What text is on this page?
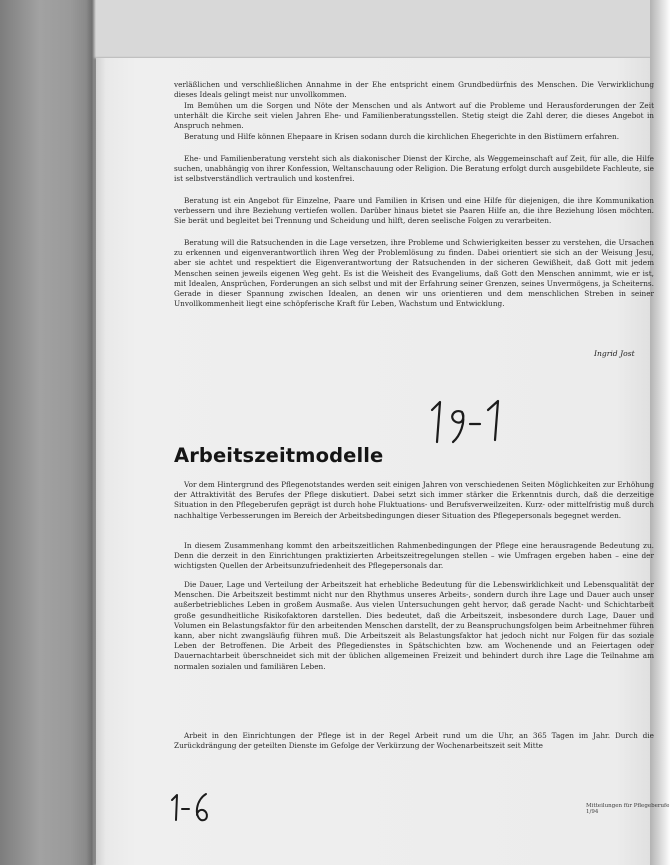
verläßlichen und verschließlichen Annahme in der Ehe entspricht einem Grundbedürfnis des Menschen. Die Verwirklichung dieses Ideals gelingt meist nur unvollkommen.

Im Bemühen um die Sorgen und Nöte der Menschen und als Antwort auf die Probleme und Herausforderungen der Zeit unterhält die Kirche seit vielen Jahren Ehe- und Familienberatungsstellen. Stetig steigt die Zahl derer, die dieses Angebot in Anspruch nehmen.

Beratung und Hilfe können Ehepaare in Krisen sodann durch die kirchlichen Ehegerichte in den Bistümern erfahren.

Ehe- und Familienberatung versteht sich als diakonischer Dienst der Kirche, als Weggemeinschaft auf Zeit, für alle, die Hilfe suchen, unabhängig von ihrer Konfession, Weltanschauung oder Religion. Die Beratung erfolgt durch ausgebildete Fachleute, sie ist selbstverständlich vertraulich und kostenfrei.

Beratung ist ein Angebot für Einzelne, Paare und Familien in Krisen und eine Hilfe für diejenigen, die ihre Kommunikation verbessern und ihre Beziehung vertiefen wollen. Darüber hinaus bietet sie Paaren Hilfe an, die ihre Beziehung lösen möchten. Sie berät und begleitet bei Trennung und Scheidung und hilft, deren seelische Folgen zu verarbeiten.

Beratung will die Ratsuchenden in die Lage versetzen, ihre Probleme und Schwierigkeiten besser zu verstehen, die Ursachen zu erkennen und eigenverantwortlich ihren Weg der Problemlösung zu finden. Dabei orientiert sie sich an der Weisung Jesu, aber sie achtet und respektiert die Eigenverantwortung der Ratsuchenden in der sicheren Gewißheit, daß Gott mit jedem Menschen seinen jeweils eigenen Weg geht. Es ist die Weisheit des Evangeliums, daß Gott den Menschen annimmt, wie er ist, mit Idealen, Ansprüchen, Forderungen an sich selbst und mit der Erfahrung seiner Grenzen, seines Unvermögens, ja Scheiterns. Gerade in dieser Spannung zwischen Idealen, an denen wir uns orientieren und dem menschlichen Streben in seiner Unvollkommenheit liegt eine schöpferische Kraft für Leben, Wachstum und Entwicklung.

Ingrid Jost
Arbeitszeitmodelle

Vor dem Hintergrund des Pflegenotstandes werden seit einigen Jahren von verschiedenen Seiten Möglichkeiten zur Erhöhung der Attraktivität des Berufes der Pflege diskutiert. Dabei setzt sich immer stärker die Erkenntnis durch, daß die derzeitige Situation in den Pflegeberufen geprägt ist durch hohe Fluktuations- und Berufsverweilzeiten. Kurz- oder mittelfristig muß durch nachhaltige Verbesserungen im Bereich der Arbeitsbedingungen dieser Situation des Pflegepersonals begegnet werden.

In diesem Zusammenhang kommt den arbeitszeitlichen Rahmenbedingungen der Pflege eine herausragende Bedeutung zu. Denn die derzeit in den Einrichtungen praktizierten Arbeitszeitregelungen stellen – wie Umfragen ergeben haben – eine der wichtigsten Quellen der Arbeitsunzufriedenheit des Pflegepersonals dar.

Die Dauer, Lage und Verteilung der Arbeitszeit hat erhebliche Bedeutung für die Lebenswirklichkeit und Lebensqualität der Menschen. Die Arbeitszeit bestimmt nicht nur den Rhythmus unseres Arbeits-, sondern durch ihre Lage und Dauer auch unser außerbetriebliches Leben in großem Ausmaße. Aus vielen Untersuchungen geht hervor, daß gerade Nacht- und Schichtarbeit große gesundheitliche Risikofaktoren darstellen. Dies bedeutet, daß die Arbeitszeit, insbesondere durch Lage, Dauer und Volumen ein Belastungsfaktor für den arbeitenden Menschen darstellt, der zu Beanspruchungsfolgen beim Arbeitnehmer führen kann, aber nicht zwangsläufig führen muß. Die Arbeitszeit als Belastungsfaktor hat jedoch nicht nur Folgen für das soziale Leben der Betroffenen. Die Arbeit des Pflegedienstes in Spätschichten bzw. am Wochenende und an Feiertagen oder Dauernachtarbeit überschneidet sich mit der üblichen allgemeinen Freizeit und behindert durch ihre Lage die Teilnahme am normalen sozialen und familiären Leben.

Arbeit in den Einrichtungen der Pflege ist in der Regel Arbeit rund um die Uhr, an 365 Tagen im Jahr. Durch die Zurückdrängung der geteilten Dienste im Gefolge der Verkürzung der Wochenarbeitszeit seit Mitte

Mitteilungen für Pflegeberufe 1/94
